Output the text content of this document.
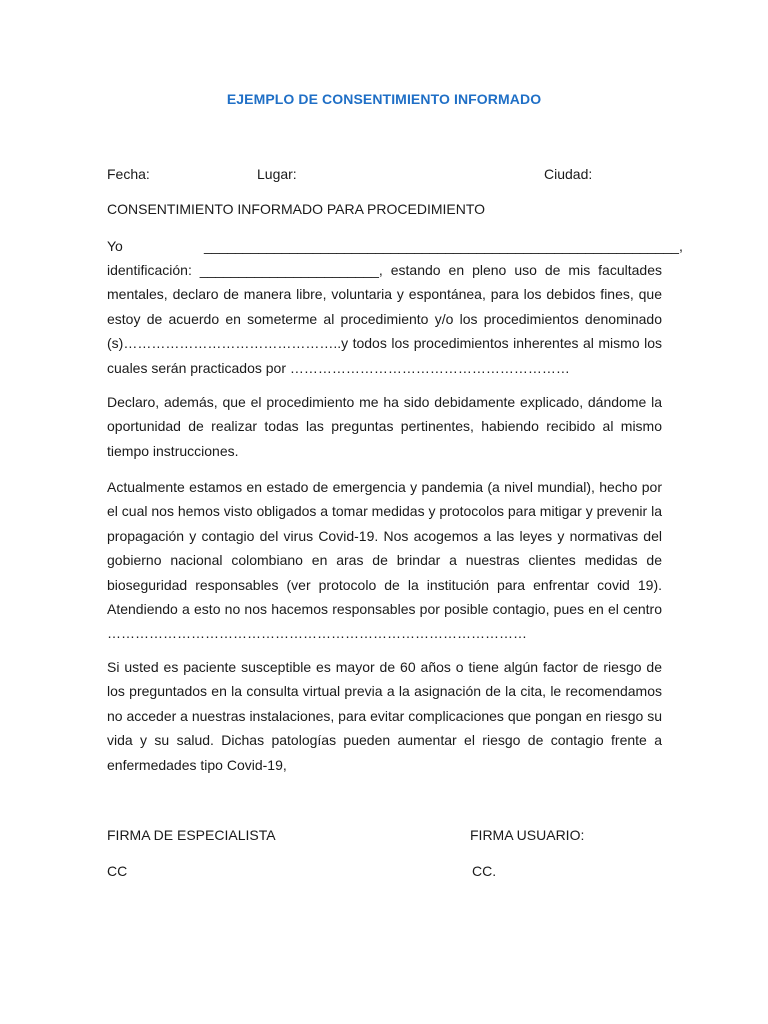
EJEMPLO DE CONSENTIMIENTO INFORMADO
Fecha:	Lugar:	Ciudad:
CONSENTIMIENTO INFORMADO PARA PROCEDIMIENTO
Yo	_____________________________________________________________,

identificación: _______________________, estando en pleno uso de mis facultades mentales, declaro de manera libre, voluntaria y espontánea, para los debidos fines, que estoy de acuerdo en someterme al procedimiento y/o los procedimientos denominado (s)………………………………………..y todos los procedimientos inherentes al mismo los cuales serán practicados por ……………………………………………………

Declaro, además, que el procedimiento me ha sido debidamente explicado, dándome la oportunidad de realizar todas las preguntas pertinentes, habiendo recibido al mismo tiempo instrucciones.

Actualmente estamos en estado de emergencia y pandemia (a nivel mundial), hecho por el cual nos hemos visto obligados a tomar medidas y protocolos para mitigar y prevenir la propagación y contagio del virus Covid-19. Nos acogemos a las leyes y normativas del gobierno nacional colombiano en aras de brindar a nuestras clientes medidas de bioseguridad responsables (ver protocolo de la institución para enfrentar covid 19). Atendiendo a esto no nos hacemos responsables por posible contagio, pues en el centro ………………………………………………………………………………

Si usted es paciente susceptible es mayor de 60 años o tiene algún factor de riesgo de los preguntados en la consulta virtual previa a la asignación de la cita, le recomendamos no acceder a nuestras instalaciones, para evitar complicaciones que pongan en riesgo su vida y su salud. Dichas patologías pueden aumentar el riesgo de contagio frente a enfermedades tipo Covid-19,

FIRMA DE ESPECIALISTA	FIRMA USUARIO:
CC	CC.
